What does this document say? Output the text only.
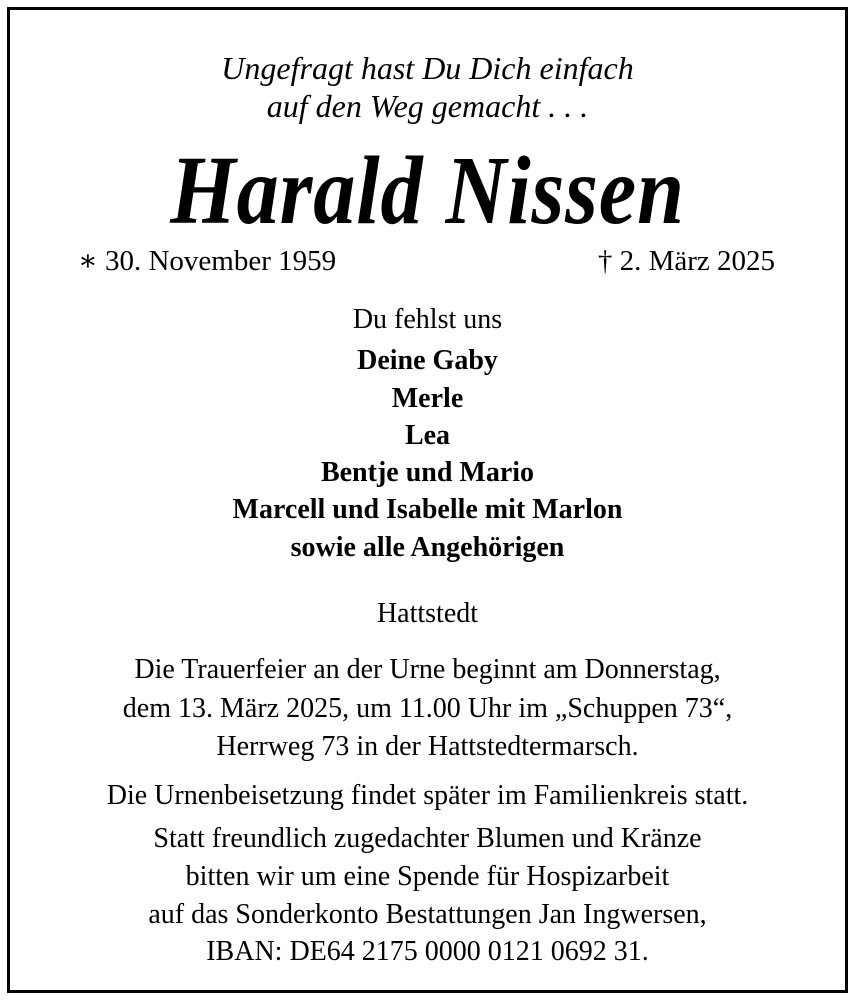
Ungefragt hast Du Dich einfach
auf den Weg gemacht . . .
Harald Nissen
∗ 30. November 1959	† 2. März 2025
Du fehlst uns
Deine Gaby
Merle
Lea
Bentje und Mario
Marcell und Isabelle mit Marlon
sowie alle Angehörigen
Hattstedt
Die Trauerfeier an der Urne beginnt am Donnerstag,
dem 13. März 2025, um 11.00 Uhr im „Schuppen 73“,
Herrweg 73 in der Hattstedtermarsch.
Die Urnenbeisetzung findet später im Familienkreis statt.
Statt freundlich zugedachter Blumen und Kränze
bitten wir um eine Spende für Hospizarbeit
auf das Sonderkonto Bestattungen Jan Ingwersen,
IBAN: DE64 2175 0000 0121 0692 31.
